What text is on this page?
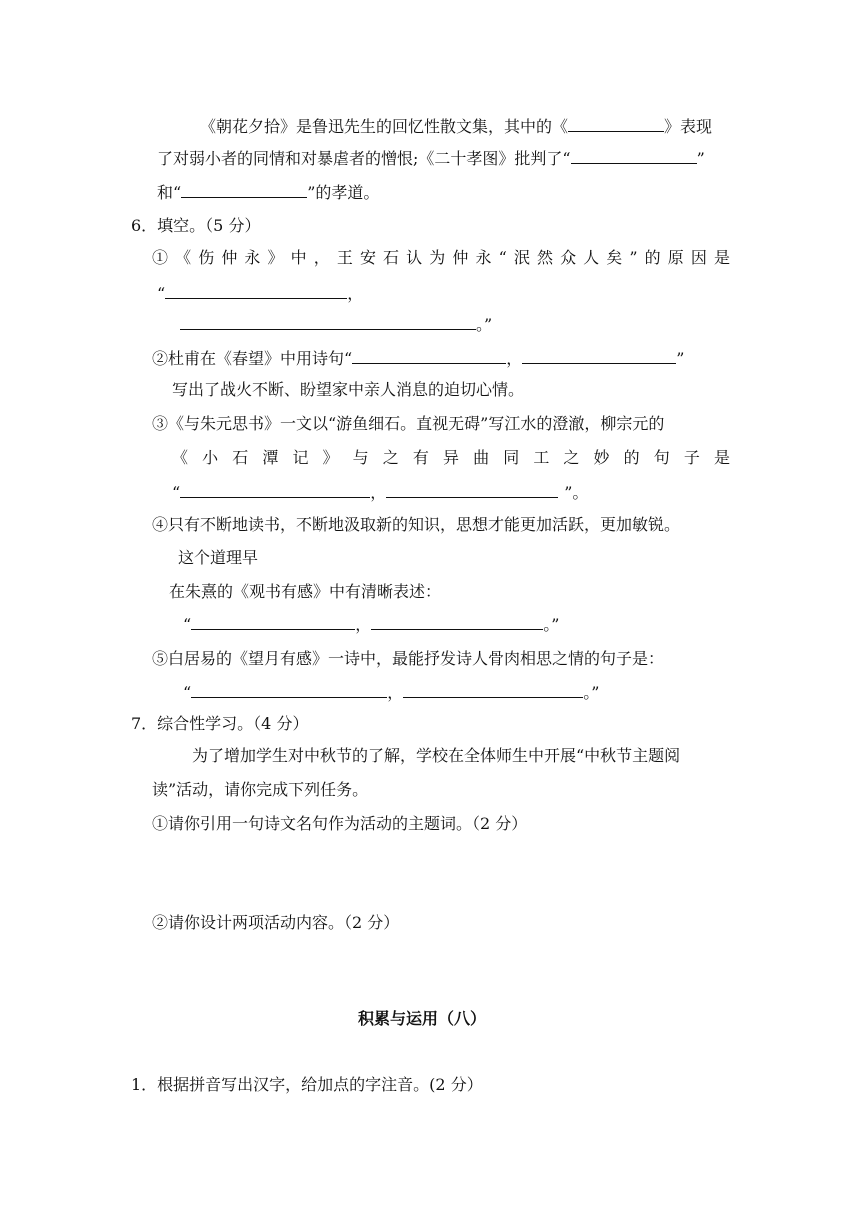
《朝花夕拾》是鲁迅先生的回忆性散文集，其中的《	》表现
了对弱小者的同情和对暴虐者的憎恨;《二十孝图》批判了“	”
和“	”的孝道。
6．填空。（5 分）
①《伤仲永》中，王安石认为仲永“泯然众人矣”的原因是
“	，
。”
②杜甫在《春望》中用诗句“	，	”
写出了战火不断、盼望家中亲人消息的迫切心情。
③《与朱元思书》一文以“游鱼细石。直视无碍”写江水的澄澈，柳宗元的
《小石潭记》与之有异曲同工之妙的句子是
“	，	”。
④只有不断地读书，不断地汲取新的知识，思想才能更加活跃，更加敏锐。
这个道理早
在朱熹的《观书有感》中有清晰表述：
“	，	。”
⑤白居易的《望月有感》一诗中，最能抒发诗人骨肉相思之情的句子是：
“	，	。”
7．综合性学习。（4 分）
为了增加学生对中秋节的了解，学校在全体师生中开展“中秋节主题阅
读”活动，请你完成下列任务。
①请你引用一句诗文名句作为活动的主题词。（2 分）
②请你设计两项活动内容。（2 分）
积累与运用（八）
1．根据拼音写出汉字，给加点的字注音。(2 分）
